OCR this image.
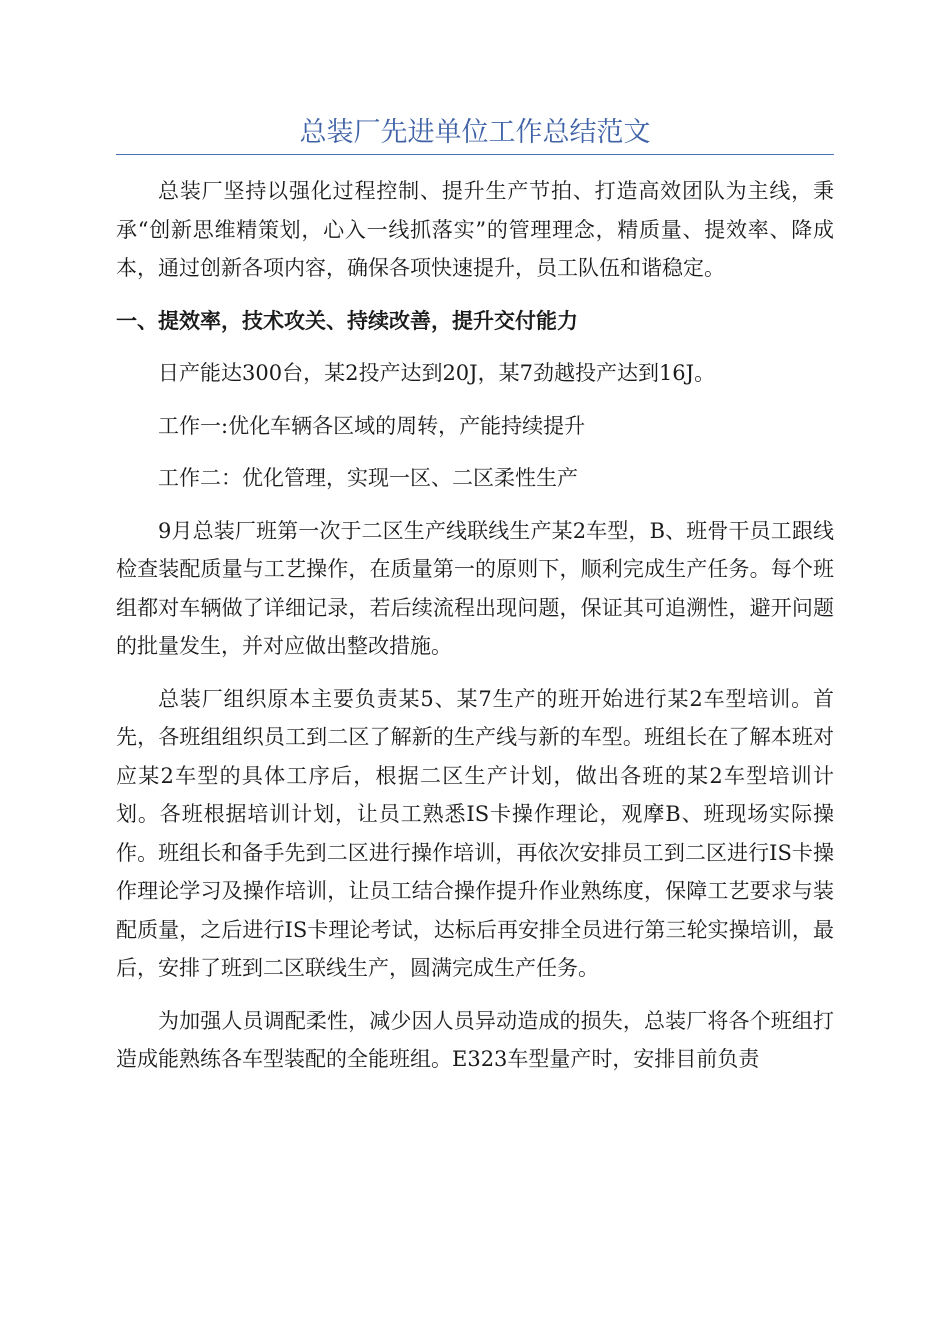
总装厂先进单位工作总结范文

总装厂坚持以强化过程控制、提升生产节拍、打造高效团队为主线，秉承“创新思维精策划，心入一线抓落实”的管理理念，精质量、提效率、降成本，通过创新各项内容，确保各项快速提升，员工队伍和谐稳定。

一、提效率，技术攻关、持续改善，提升交付能力

日产能达300台，某2投产达到20J，某7劲越投产达到16J。

工作一:优化车辆各区域的周转，产能持续提升

工作二：优化管理，实现一区、二区柔性生产

9月总装厂班第一次于二区生产线联线生产某2车型，B、班骨干员工跟线检查装配质量与工艺操作，在质量第一的原则下，顺利完成生产任务。每个班组都对车辆做了详细记录，若后续流程出现问题，保证其可追溯性，避开问题的批量发生，并对应做出整改措施。

总装厂组织原本主要负责某5、某7生产的班开始进行某2车型培训。首先，各班组组织员工到二区了解新的生产线与新的车型。班组长在了解本班对应某2车型的具体工序后，根据二区生产计划，做出各班的某2车型培训计划。各班根据培训计划，让员工熟悉IS卡操作理论，观摩B、班现场实际操作。班组长和备手先到二区进行操作培训，再依次安排员工到二区进行IS卡操作理论学习及操作培训，让员工结合操作提升作业熟练度，保障工艺要求与装配质量，之后进行IS卡理论考试，达标后再安排全员进行第三轮实操培训，最后，安排了班到二区联线生产，圆满完成生产任务。

为加强人员调配柔性，减少因人员异动造成的损失，总装厂将各个班组打造成能熟练各车型装配的全能班组。E323车型量产时，安排目前负责
